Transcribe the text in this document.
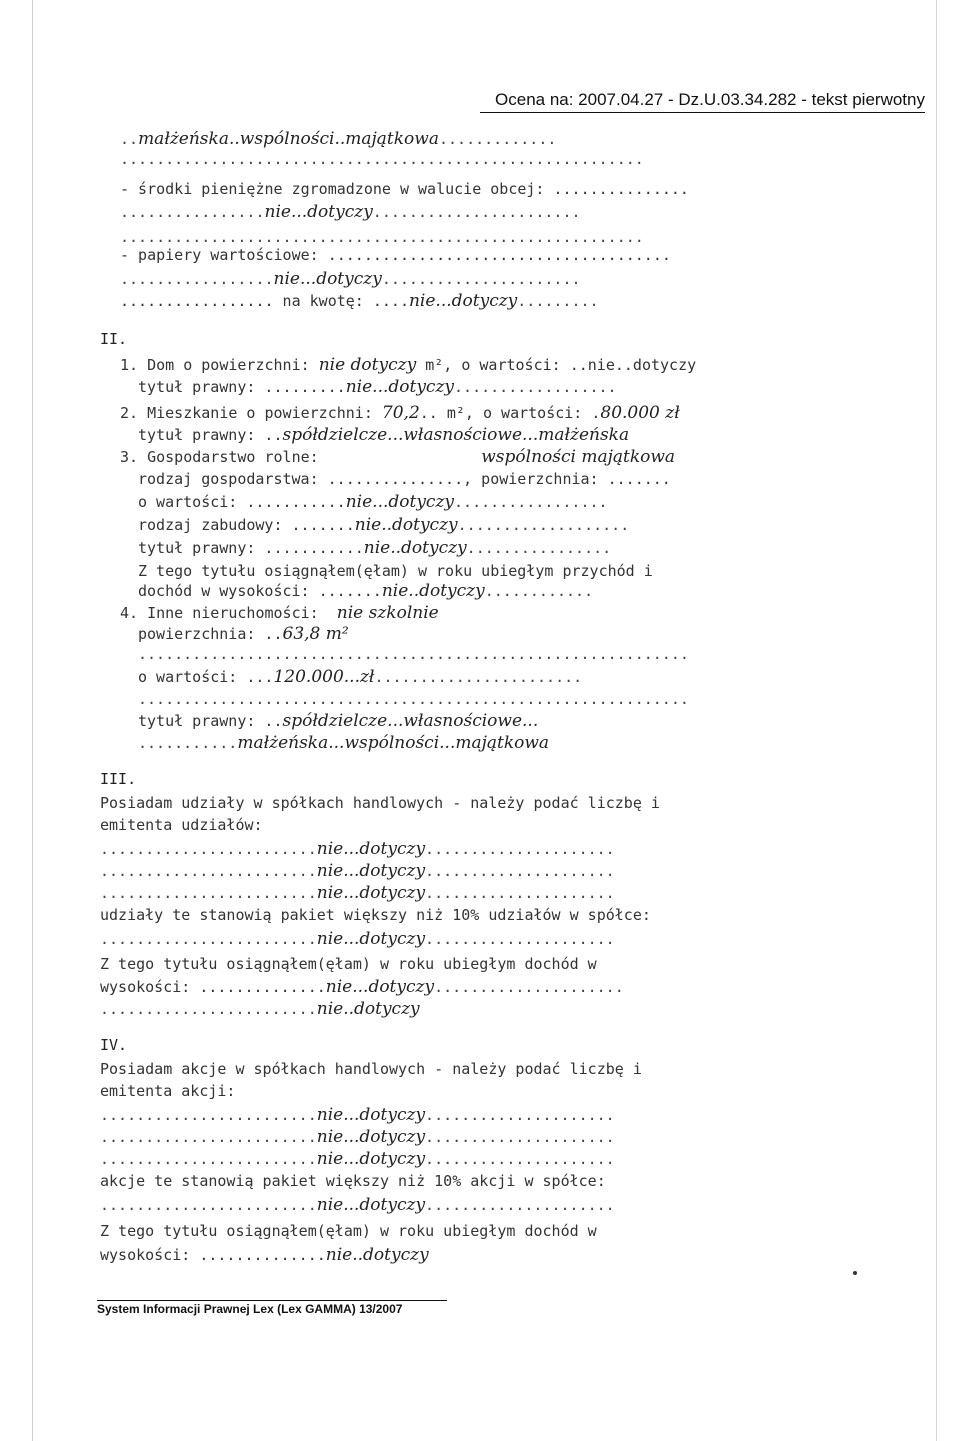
Ocena na: 2007.04.27 - Dz.U.03.34.282 - tekst pierwotny
..małżeńska..wspólności..majątkowa.............
..........................................................
- środki pieniężne zgromadzone w walucie obcej: ...............
................nie...dotyczy.......................
..........................................................
- papiery wartościowe: ......................................
.................nie...dotyczy......................
................. na kwotę: ....nie...dotyczy.........
II.
1. Dom o powierzchni: nie dotyczy m², o wartości: ..nie..dotyczy
tytuł prawny: .........nie...dotyczy..................
2. Mieszkanie o powierzchni: 70,2.. m², o wartości: .80.000 zł
tytuł prawny: ..spółdzielcze...własnościowe...małżeńska
3. Gospodarstwo rolne:	wspólności majątkowa
rodzaj gospodarstwa: ..............., powierzchnia: .......
o wartości: ...........nie...dotyczy.................
rodzaj zabudowy: .......nie..dotyczy...................
tytuł prawny: ...........nie..dotyczy................
Z tego tytułu osiągnąłem(ęłam) w roku ubiegłym przychód i
dochód w wysokości: .......nie..dotyczy............
4. Inne nieruchomości:  nie szkolnie
powierzchnia: ..63,8 m²
.............................................................
o wartości: ...120.000...zł.......................
.............................................................
tytuł prawny: ..spółdzielcze...własnościowe...
...........małżeńska...wspólności...majątkowa
III.
Posiadam udziały w spółkach handlowych - należy podać liczbę i
emitenta udziałów:
........................nie...dotyczy.....................
........................nie...dotyczy.....................
........................nie...dotyczy.....................
udziały te stanowią pakiet większy niż 10% udziałów w spółce:
........................nie...dotyczy.....................
Z tego tytułu osiągnąłem(ęłam) w roku ubiegłym dochód w
wysokości: ..............nie...dotyczy.....................
........................nie..dotyczy
IV.
Posiadam akcje w spółkach handlowych - należy podać liczbę i
emitenta akcji:
........................nie...dotyczy.....................
........................nie...dotyczy.....................
........................nie...dotyczy.....................
akcje te stanowią pakiet większy niż 10% akcji w spółce:
........................nie...dotyczy.....................
Z tego tytułu osiągnąłem(ęłam) w roku ubiegłym dochód w
wysokości: ..............nie..dotyczy
System Informacji Prawnej Lex (Lex GAMMA) 13/2007
